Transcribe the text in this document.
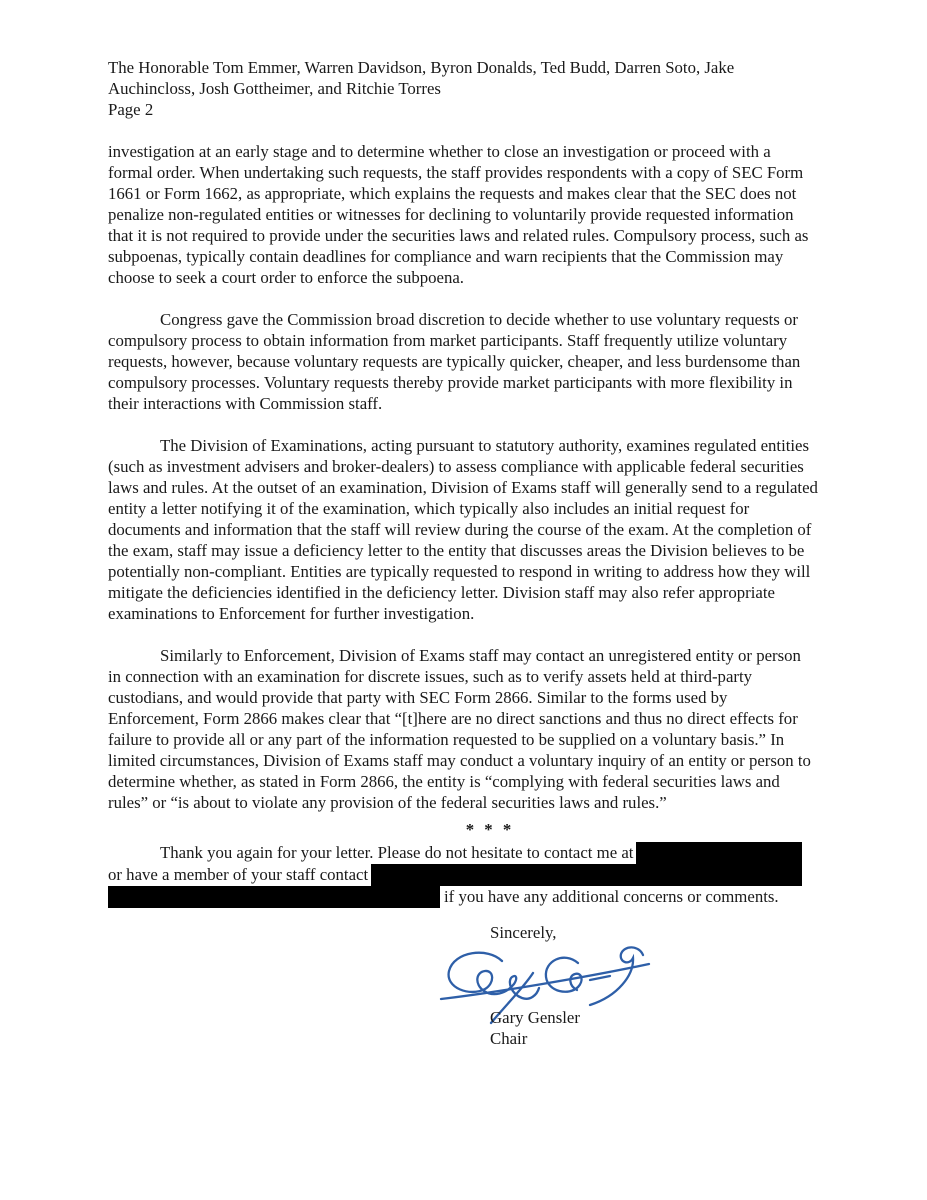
The Honorable Tom Emmer, Warren Davidson, Byron Donalds, Ted Budd, Darren Soto, Jake Auchincloss, Josh Gottheimer, and Ritchie Torres

Page 2

investigation at an early stage and to determine whether to close an investigation or proceed with a formal order. When undertaking such requests, the staff provides respondents with a copy of SEC Form 1661 or Form 1662, as appropriate, which explains the requests and makes clear that the SEC does not penalize non-regulated entities or witnesses for declining to voluntarily provide requested information that it is not required to provide under the securities laws and related rules. Compulsory process, such as subpoenas, typically contain deadlines for compliance and warn recipients that the Commission may choose to seek a court order to enforce the subpoena.

Congress gave the Commission broad discretion to decide whether to use voluntary requests or compulsory process to obtain information from market participants. Staff frequently utilize voluntary requests, however, because voluntary requests are typically quicker, cheaper, and less burdensome than compulsory processes. Voluntary requests thereby provide market participants with more flexibility in their interactions with Commission staff.

The Division of Examinations, acting pursuant to statutory authority, examines regulated entities (such as investment advisers and broker-dealers) to assess compliance with applicable federal securities laws and rules. At the outset of an examination, Division of Exams staff will generally send to a regulated entity a letter notifying it of the examination, which typically also includes an initial request for documents and information that the staff will review during the course of the exam. At the completion of the exam, staff may issue a deficiency letter to the entity that discusses areas the Division believes to be potentially non-compliant. Entities are typically requested to respond in writing to address how they will mitigate the deficiencies identified in the deficiency letter. Division staff may also refer appropriate examinations to Enforcement for further investigation.

Similarly to Enforcement, Division of Exams staff may contact an unregistered entity or person in connection with an examination for discrete issues, such as to verify assets held at third-party custodians, and would provide that party with SEC Form 2866. Similar to the forms used by Enforcement, Form 2866 makes clear that “[t]here are no direct sanctions and thus no direct effects for failure to provide all or any part of the information requested to be supplied on a voluntary basis.” In limited circumstances, Division of Exams staff may conduct a voluntary inquiry of an entity or person to determine whether, as stated in Form 2866, the entity is “complying with federal securities laws and rules” or “is about to violate any provision of the federal securities laws and rules.”

* * *
Thank you again for your letter. Please do not hesitate to contact me at
or have a member of your staff contact
if you have any additional concerns or comments.
Sincerely,
Gary Gensler
Chair
